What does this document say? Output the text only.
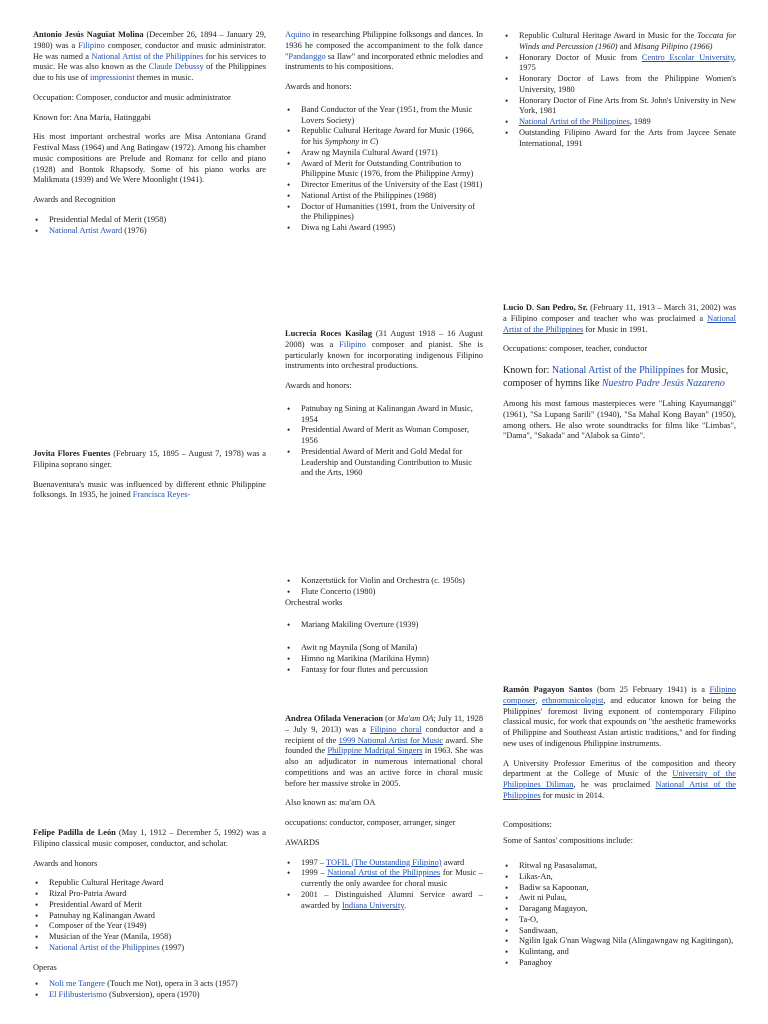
Antonio Jesús Naguiat Molina (December 26, 1894 – January 29, 1980) was a Filipino composer, conductor and music administrator. He was named a National Artist of the Philippines for his services to music. He was also known as the Claude Debussy of the Philippines due to his use of impressionist themes in music.

Occupation: Composer, conductor and music administrator

Known for: Ana Maria, Hatinggabi

His most important orchestral works are Misa Antoniana Grand Festival Mass (1964) and Ang Batingaw (1972). Among his chamber music compositions are Prelude and Romanz for cello and piano (1928) and Bontok Rhapsody. Some of his piano works are Malikmata (1939) and We Were Moonlight (1941).

Awards and Recognition

• Presidential Medal of Merit (1958)
• National Artist Award (1976)

Jovita Flores Fuentes (February 15, 1895 – August 7, 1978) was a Filipina soprano singer.

Buenaventura's music was influenced by different ethnic Philippine folksongs. In 1935, he joined Francisca Reyes-

Felipe Padilla de León (May 1, 1912 – December 5, 1992) was a Filipino classical music composer, conductor, and scholar.

Awards and honors

• Republic Cultural Heritage Award
• Rizal Pro-Patria Award
• Presidential Award of Merit
• Patnubay ng Kalinangan Award
• Composer of the Year (1949)
• Musician of the Year (Manila, 1958)
• National Artist of the Philippines (1997)

Operas

• Noli me Tangere (Touch me Not), opera in 3 acts (1957)
• El Filibusterismo (Subversion), opera (1970)

Aquino in researching Philippine folksongs and dances. In 1936 he composed the accompaniment to the folk dance "Pandanggo sa Ilaw" and incorporated ethnic melodies and instruments to his compositions.

Awards and honors:

• Band Conductor of the Year (1951, from the Music Lovers Society)
• Republic Cultural Heritage Award for Music (1966, for his Symphony in C)
• Araw ng Maynila Cultural Award (1971)
• Award of Merit for Outstanding Contribution to Philippine Music (1976, from the Philippine Army)
• Director Emeritus of the University of the East (1981)
• National Artist of the Philippines (1988)
• Doctor of Humanities (1991, from the University of the Philippines)
• Diwa ng Lahi Award (1995)

Lucrecia Roces Kasilag (31 August 1918 – 16 August 2008) was a Filipino composer and pianist. She is particularly known for incorporating indigenous Filipino instruments into orchestral productions.

Awards and honors:

• Patnubay ng Sining at Kalinangan Award in Music, 1954
• Presidential Award of Merit as Woman Composer, 1956
• Presidential Award of Merit and Gold Medal for Leadership and Outstanding Contribution to Music and the Arts, 1960
• Konzertstück for Violin and Orchestra (c. 1950s)
• Flute Concerto (1980)

Orchestral works

• Mariang Makiling Overture (1939)
• Awit ng Maynila (Song of Manila)
• Himno ng Marikina (Marikina Hymn)
• Fantasy for four flutes and percussion

Andrea Ofilada Veneracion (or Ma'am OA; July 11, 1928 – July 9, 2013) was a Filipino choral conductor and a recipient of the 1999 National Artist for Music award. She founded the Philippine Madrigal Singers in 1963. She was also an adjudicator in numerous international choral competitions and was an active force in choral music before her massive stroke in 2005.

Also known as: ma'am OA

occupations: conductor, composer, arranger, singer

AWARDS

• 1997 – TOFIL (The Outstanding Filipino) award
• 1999 – National Artist of the Philippines for Music – currently the only awardee for choral music
• 2001 – Distinguished Alumni Service award – awarded by Indiana University.
• Republic Cultural Heritage Award in Music for the Toccata for Winds and Percussion (1960) and Misang Pilipino (1966)
• Honorary Doctor of Music from Centro Escolar University, 1975
• Honorary Doctor of Laws from the Philippine Women's University, 1980
• Honorary Doctor of Fine Arts from St. John's University in New York, 1981
• National Artist of the Philippines, 1989
• Outstanding Filipino Award for the Arts from Jaycee Senate International, 1991

Lucio D. San Pedro, Sr. (February 11, 1913 – March 31, 2002) was a Filipino composer and teacher who was proclaimed a National Artist of the Philippines for Music in 1991.

Occupations: composer, teacher, conductor

Known for: National Artist of the Philippines for Music, composer of hymns like Nuestro Padre Jesús Nazareno

Among his most famous masterpieces were "Lahing Kayumanggi" (1961), "Sa Lupang Sarili" (1940), "Sa Mahal Kong Bayan" (1950), among others. He also wrote soundtracks for films like "Limbas", "Dama", "Sakada" and "Alabok sa Ginto".

Ramón Pagayon Santos (born 25 February 1941) is a Filipino composer, ethnomusicologist, and educator known for being the Philippines' foremost living exponent of contemporary Filipino classical music, for work that expounds on "the aesthetic frameworks of Philippine and Southeast Asian artistic traditions," and for finding new uses of indigenous Philippine instruments.

A University Professor Emeritus of the composition and theory department at the College of Music of the University of the Philippines Diliman, he was proclaimed National Artist of the Philippines for music in 2014.

Compositions:

Some of Santos' compositions include:

• Ritwal ng Pasasalamat,
• Likas-An,
• Badiw sa Kapoonan,
• Awit ni Pulau,
• Daragang Magayon,
• Ta-O,
• Sandiwaan,
• Ngilin Igak G'nan Wagwag Nila (Alingawngaw ng Kagitingan),
• Kulintang, and
• Panaghoy
